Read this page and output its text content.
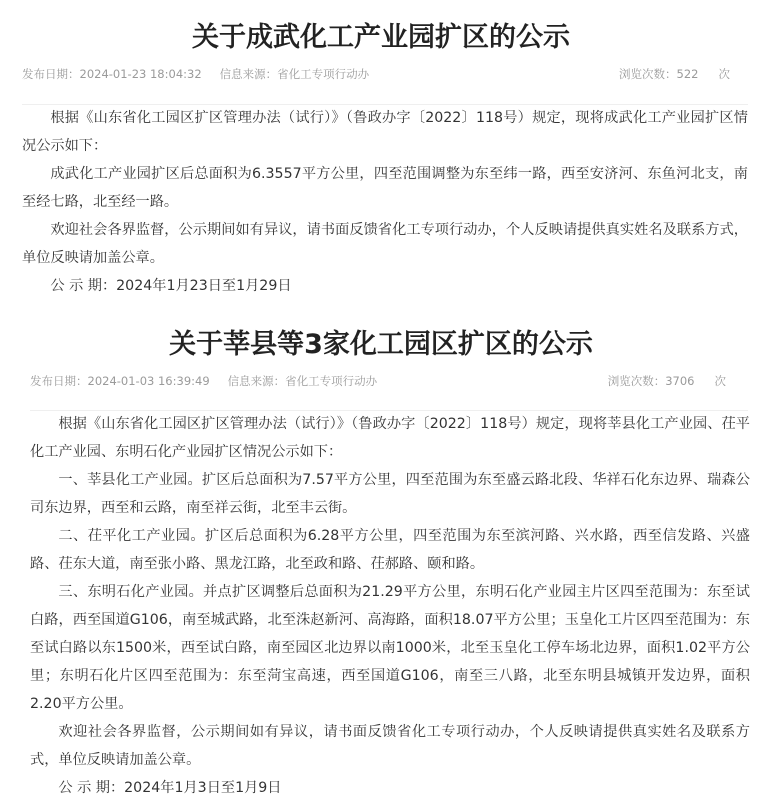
关于成武化工产业园扩区的公示
发布日期：2024-01-23 18:04:32 信息来源：省化工专项行动办	浏览次数：522 次

根据《山东省化工园区扩区管理办法（试行）》（鲁政办字〔2022〕118号）规定，现将成武化工产业园扩区情况公示如下：

成武化工产业园扩区后总面积为6.3557平方公里，四至范围调整为东至纬一路，西至安济河、东鱼河北支，南至经七路，北至经一路。

欢迎社会各界监督，公示期间如有异议，请书面反馈省化工专项行动办，个人反映请提供真实姓名及联系方式，单位反映请加盖公章。

公 示 期：2024年1月23日至1月29日

关于莘县等3家化工园区扩区的公示
发布日期：2024-01-03 16:39:49 信息来源：省化工专项行动办	浏览次数：3706 次

根据《山东省化工园区扩区管理办法（试行）》（鲁政办字〔2022〕118号）规定，现将莘县化工产业园、茌平化工产业园、东明石化产业园扩区情况公示如下：

一、莘县化工产业园。扩区后总面积为7.57平方公里，四至范围为东至盛云路北段、华祥石化东边界、瑞森公司东边界，西至和云路，南至祥云街，北至丰云街。

二、茌平化工产业园。扩区后总面积为6.28平方公里，四至范围为东至滨河路、兴水路，西至信发路、兴盛路、茌东大道，南至张小路、黑龙江路，北至政和路、茌郝路、颐和路。

三、东明石化产业园。并点扩区调整后总面积为21.29平方公里，东明石化产业园主片区四至范围为：东至试白路，西至国道G106，南至城武路，北至洙赵新河、高海路，面积18.07平方公里；玉皇化工片区四至范围为：东至试白路以东1500米，西至试白路，南至园区北边界以南1000米，北至玉皇化工停车场北边界，面积1.02平方公里；东明石化片区四至范围为：东至菏宝高速，西至国道G106，南至三八路，北至东明县城镇开发边界，面积2.20平方公里。

欢迎社会各界监督，公示期间如有异议，请书面反馈省化工专项行动办，个人反映请提供真实姓名及联系方式，单位反映请加盖公章。

公 示 期：2024年1月3日至1月9日
